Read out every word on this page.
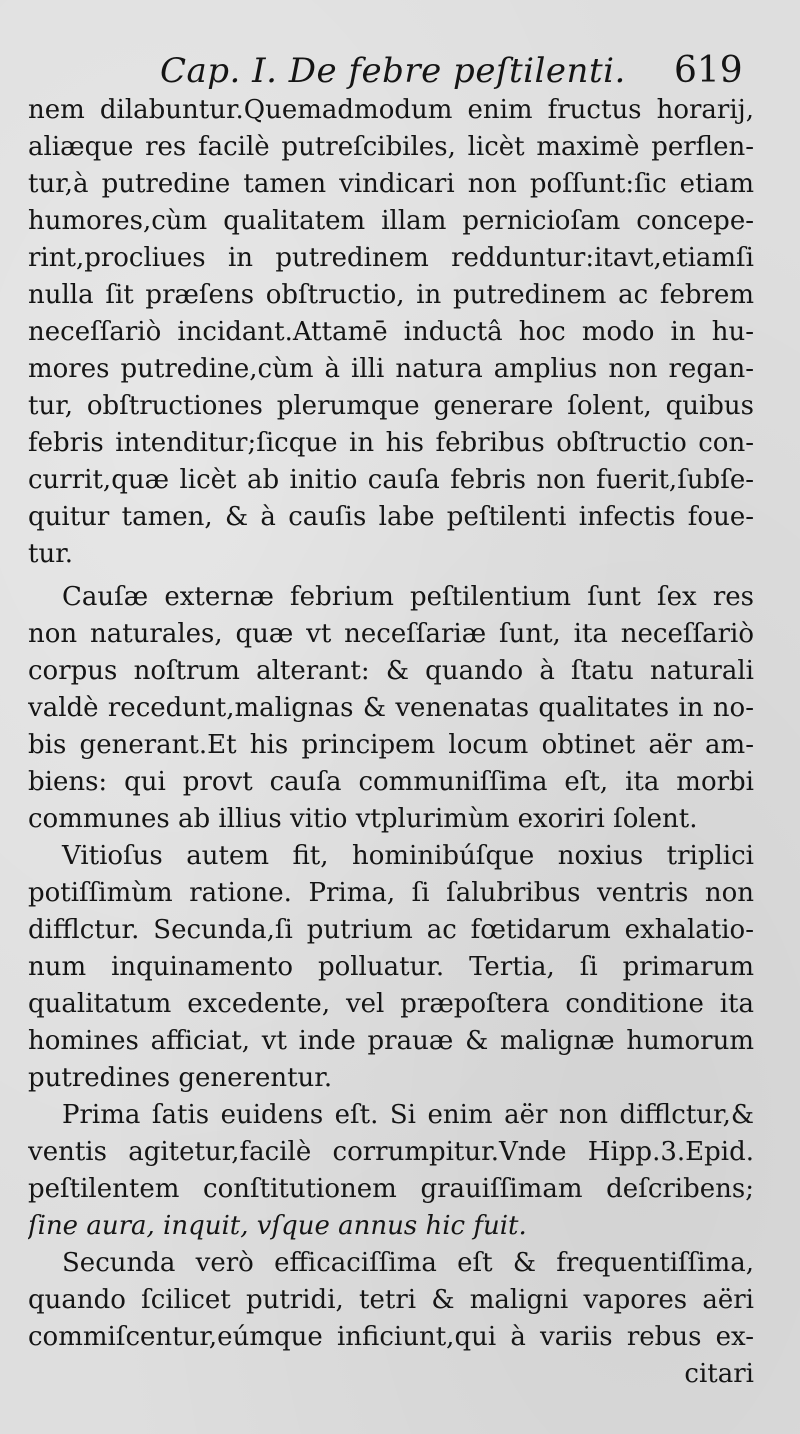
Cap. I. De febre peſtilenti. 619
nem dilabuntur.Quemadmodum enim fructus horarij,
aliæque res facilè putreſcibiles, licèt maximè perflen-
tur,à putredine tamen vindicari non poſſunt:ſic etiam
humores,cùm qualitatem illam pernicioſam concepe-
rint,procliues in putredinem redduntur:itavt,etiamſi
nulla ſit præſens obſtructio, in putredinem ac febrem
neceſſariò incidant.Attamē inductâ hoc modo in hu-
mores putredine,cùm à illi natura amplius non regan-
tur, obſtructiones plerumque generare ſolent, quibus
febris intenditur;ſicque in his febribus obſtructio con-
currit,quæ licèt ab initio cauſa febris non fuerit,ſubſe-
quitur tamen, & à cauſis labe peſtilenti infectis foue-
tur.
Cauſæ externæ febrium peſtilentium ſunt ſex res
non naturales, quæ vt neceſſariæ ſunt, ita neceſſariò
corpus noſtrum alterant: & quando à ſtatu naturali
valdè recedunt,malignas & venenatas qualitates in no-
bis generant.Et his principem locum obtinet aër am-
biens: qui provt cauſa communiſſima eſt, ita morbi
communes ab illius vitio vtplurimùm exoriri ſolent.
Vitioſus autem fit, hominibúſque noxius triplici
potiſſimùm ratione. Prima, ſi ſalubribus ventris non
difflctur. Secunda,ſi putrium ac fœtidarum exhalatio-
num inquinamento polluatur. Tertia, ſi primarum
qualitatum excedente, vel præpoſtera conditione ita
homines afficiat, vt inde prauæ & malignæ humorum
putredines generentur.
Prima ſatis euidens eſt. Si enim aër non difflctur,&
ventis agitetur,facilè corrumpitur.Vnde Hipp.3.Epid.
peſtilentem conſtitutionem grauiſſimam deſcribens;
ſine aura, inquit, vſque annus hic fuit.
Secunda verò efficaciſſima eſt & frequentiſſima,
quando ſcilicet putridi, tetri & maligni vapores aëri
commiſcentur,eúmque inficiunt,qui à variis rebus ex-
citari
